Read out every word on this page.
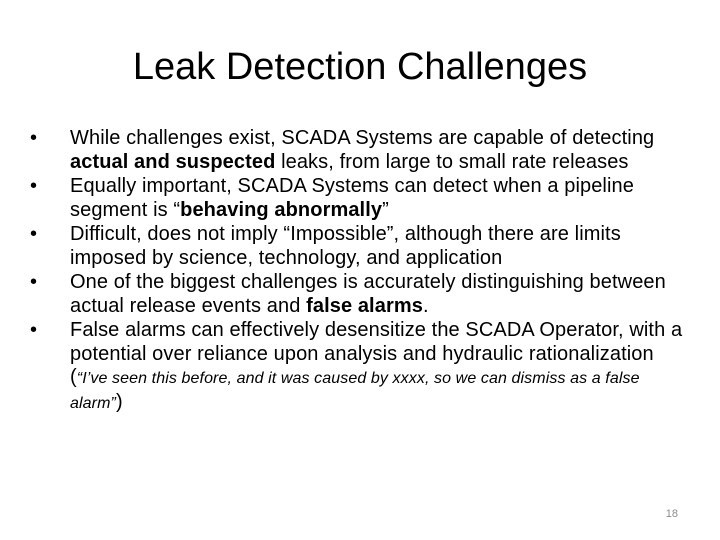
Leak Detection Challenges
•	While challenges exist, SCADA Systems are capable of detecting actual and suspected leaks, from large to small rate releases
•	Equally important, SCADA Systems can detect when a pipeline segment is “behaving abnormally”
•	Difficult, does not imply “Impossible”, although there are limits imposed by science, technology, and application
•	One of the biggest challenges is accurately distinguishing between actual release events and false alarms.
•	False alarms can effectively desensitize the SCADA Operator, with a potential over reliance upon analysis and hydraulic rationalization (“I’ve seen this before, and it was caused by xxxx, so we can dismiss as a false alarm”)
18
